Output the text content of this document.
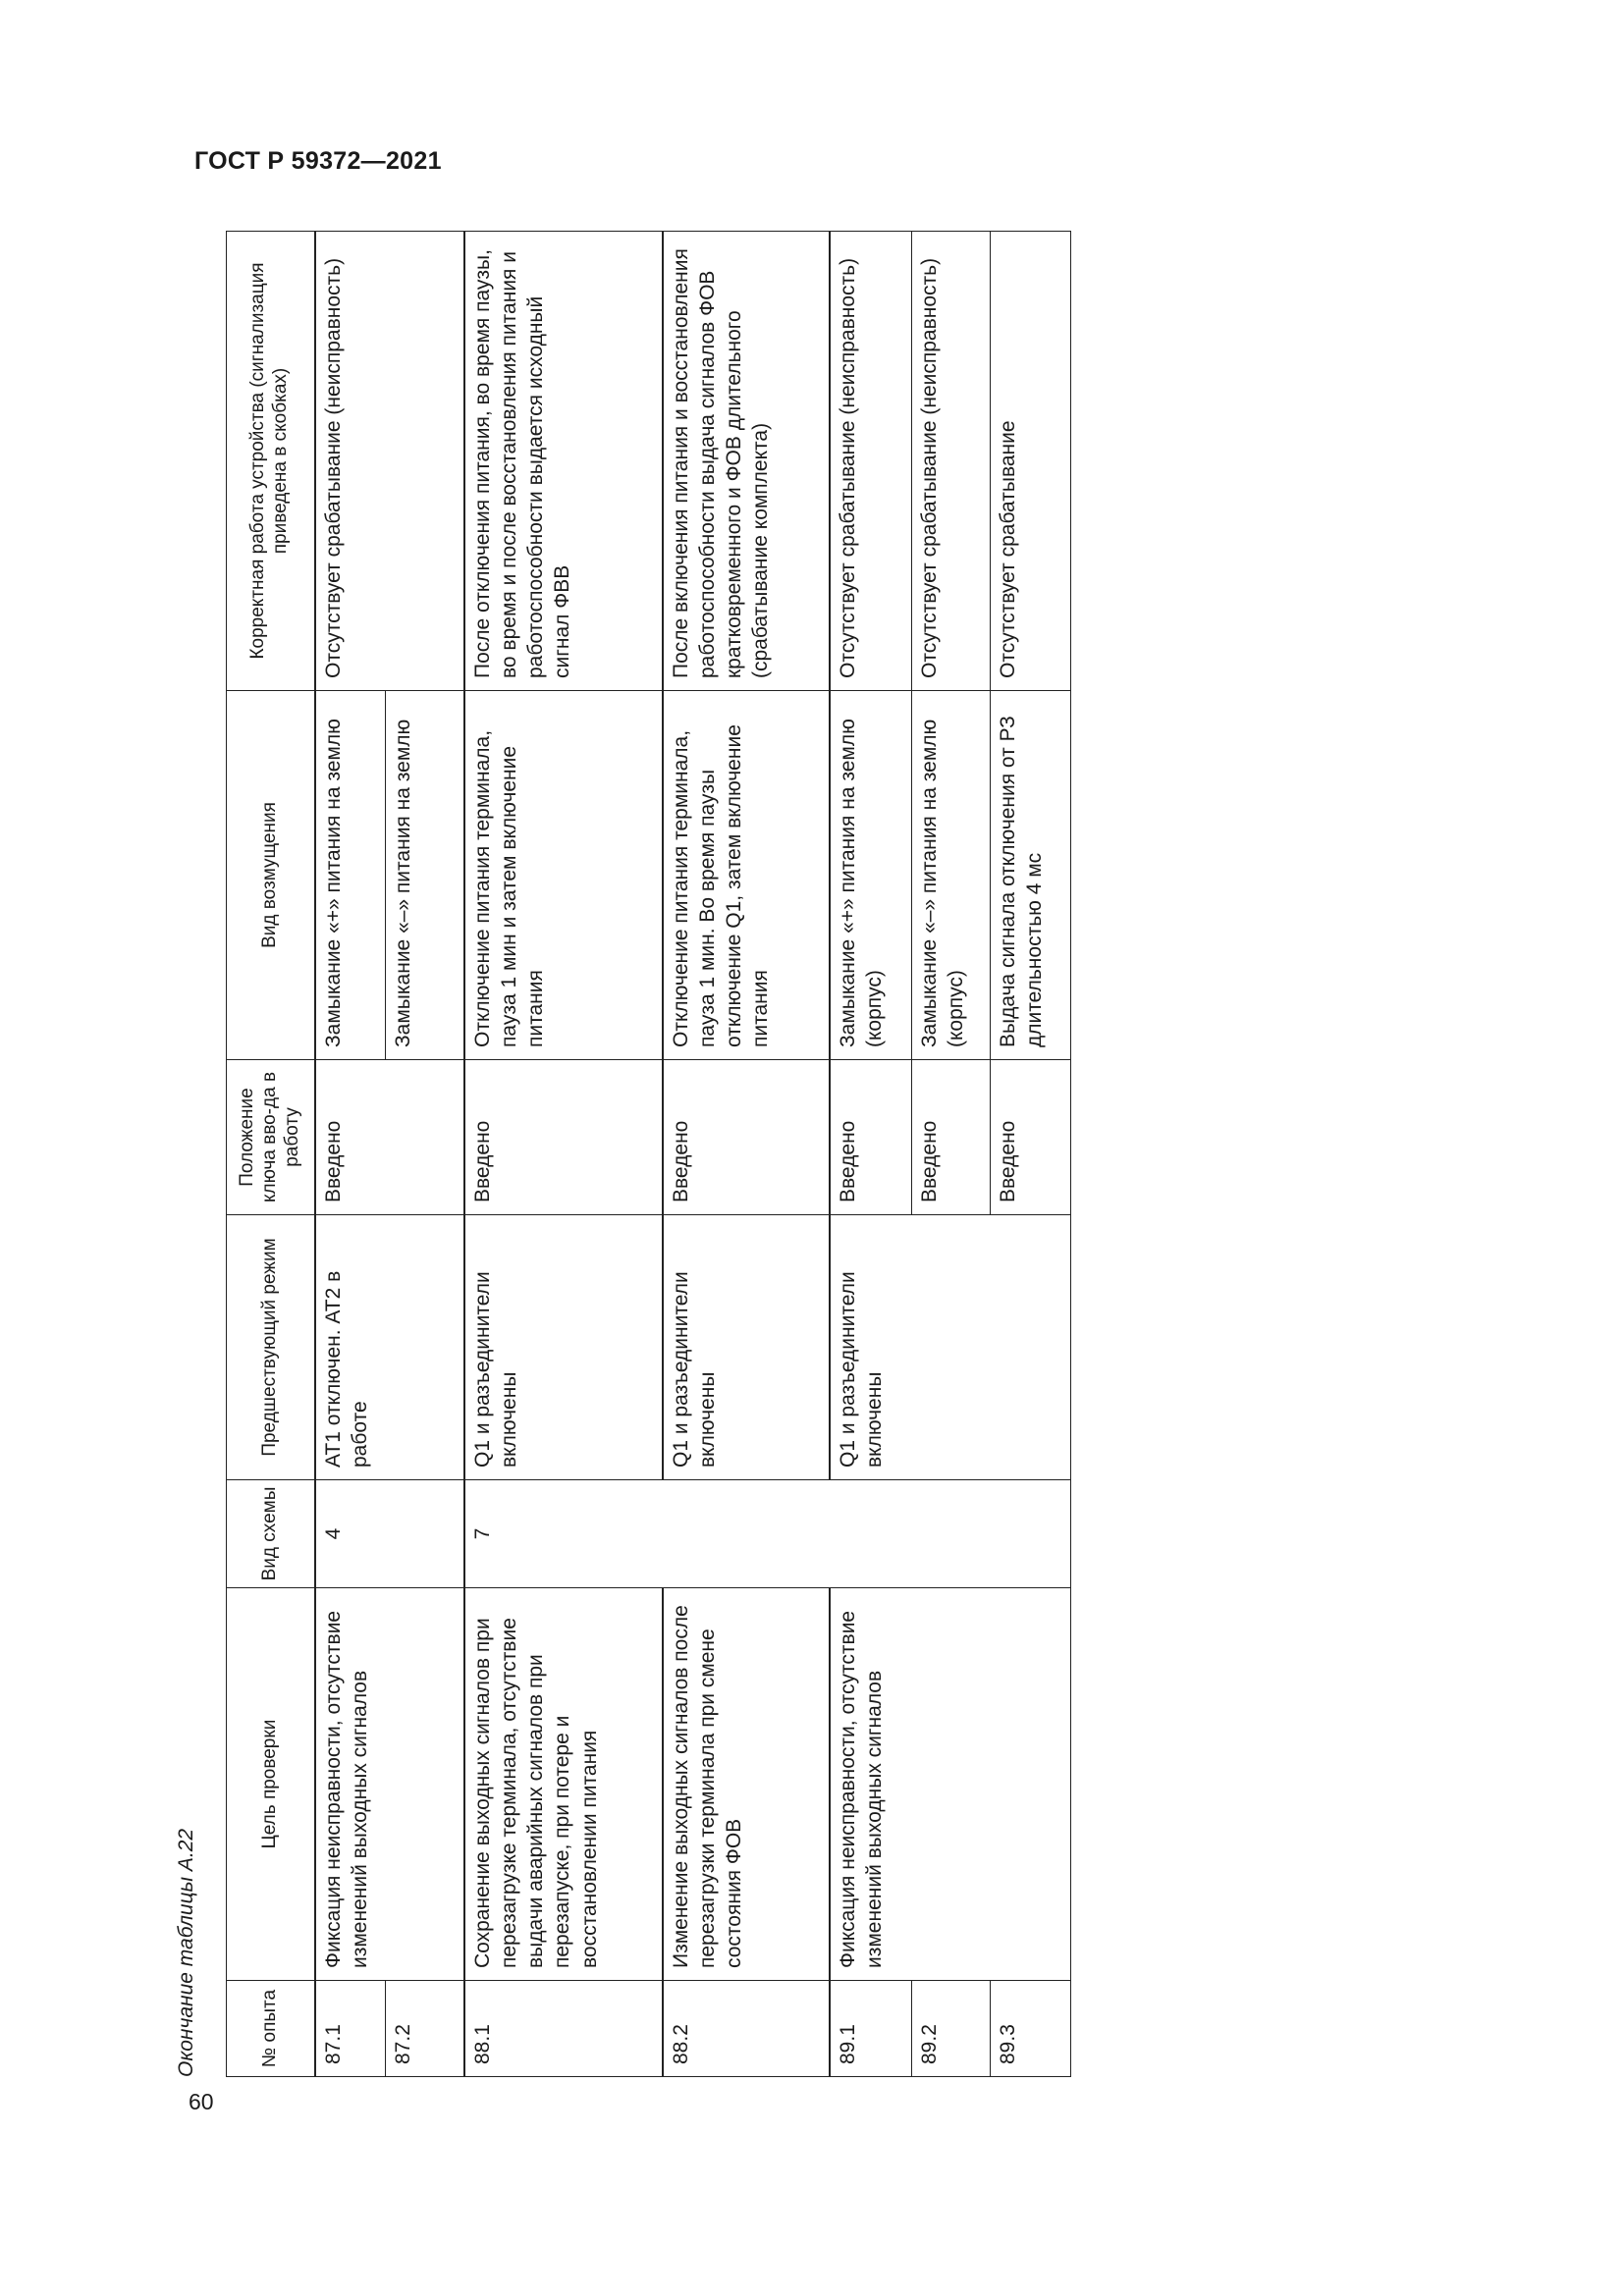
ГОСТ Р 59372—2021
60
Окончание таблицы А.22	№ опыта	Цель проверки	Вид схемы	Предшествующий режим	Положение ключа вво-да в работу	Вид возмущения	Корректная работа устройства (сигнализация приведена в скобках)
87.1	Фиксация неисправности, отсутствие изменений выходных сигналов	4	АТ1 отключен. АТ2 в работе	Введено	Замыкание «+» питания на землю	Отсутствует срабатывание (неисправность)
87.2					Замыкание «–» питания на землю	
88.1	Сохранение выходных сигналов при перезагрузке терминала, отсутствие выдачи аварийных сигналов при перезапуске, при потере и восстановлении питания	7	Q1 и разъединители включены	Введено	Отключение питания терминала, пауза 1 мин и затем включение питания	После отключения питания, во время паузы, во время и после восстановления питания и работоспособности выдается исходный сигнал ФВВ
88.2	Изменение выходных сигналов после перезагрузки терминала при смене состояния ФОВ		Q1 и разъединители включены	Введено	Отключение питания терминала, пауза 1 мин. Во время паузы отключение Q1, затем включение питания	После включения питания и восстановления работоспособности выдача сигналов ФОВ кратковременного и ФОВ длительного (срабатывание комплекта)
89.1	Фиксация неисправности, отсутствие изменений выходных сигналов		Q1 и разъединители включены	Введено	Замыкание «+» питания на землю (корпус)	Отсутствует срабатывание (неисправность)
89.2				Введено	Замыкание «–» питания на землю (корпус)	Отсутствует срабатывание (неисправность)
89.3				Введено	Выдача сигнала отключения от РЗ длительностью 4 мс	Отсутствует срабатывание
